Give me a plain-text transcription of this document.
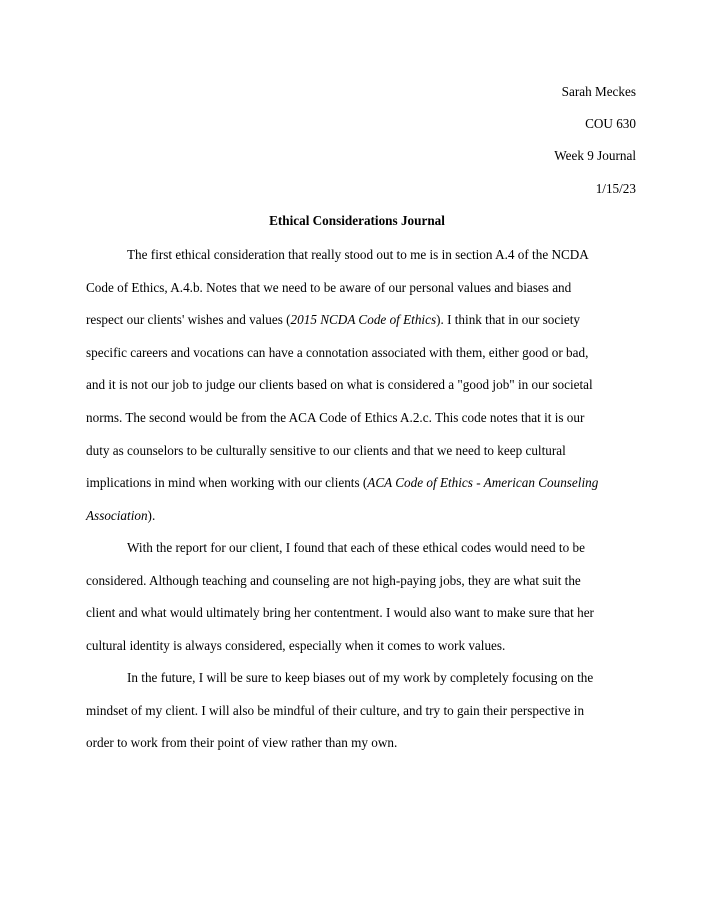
Sarah Meckes
COU 630
Week 9 Journal
1/15/23
Ethical Considerations Journal
The first ethical consideration that really stood out to me is in section A.4 of the NCDA
Code of Ethics, A.4.b. Notes that we need to be aware of our personal values and biases and
respect our clients' wishes and values (2015 NCDA Code of Ethics). I think that in our society
specific careers and vocations can have a connotation associated with them, either good or bad,
and it is not our job to judge our clients based on what is considered a "good job" in our societal
norms. The second would be from the ACA Code of Ethics A.2.c. This code notes that it is our
duty as counselors to be culturally sensitive to our clients and that we need to keep cultural
implications in mind when working with our clients (ACA Code of Ethics - American Counseling
Association).
With the report for our client, I found that each of these ethical codes would need to be
considered. Although teaching and counseling are not high-paying jobs, they are what suit the
client and what would ultimately bring her contentment. I would also want to make sure that her
cultural identity is always considered, especially when it comes to work values.
In the future, I will be sure to keep biases out of my work by completely focusing on the
mindset of my client. I will also be mindful of their culture, and try to gain their perspective in
order to work from their point of view rather than my own.
